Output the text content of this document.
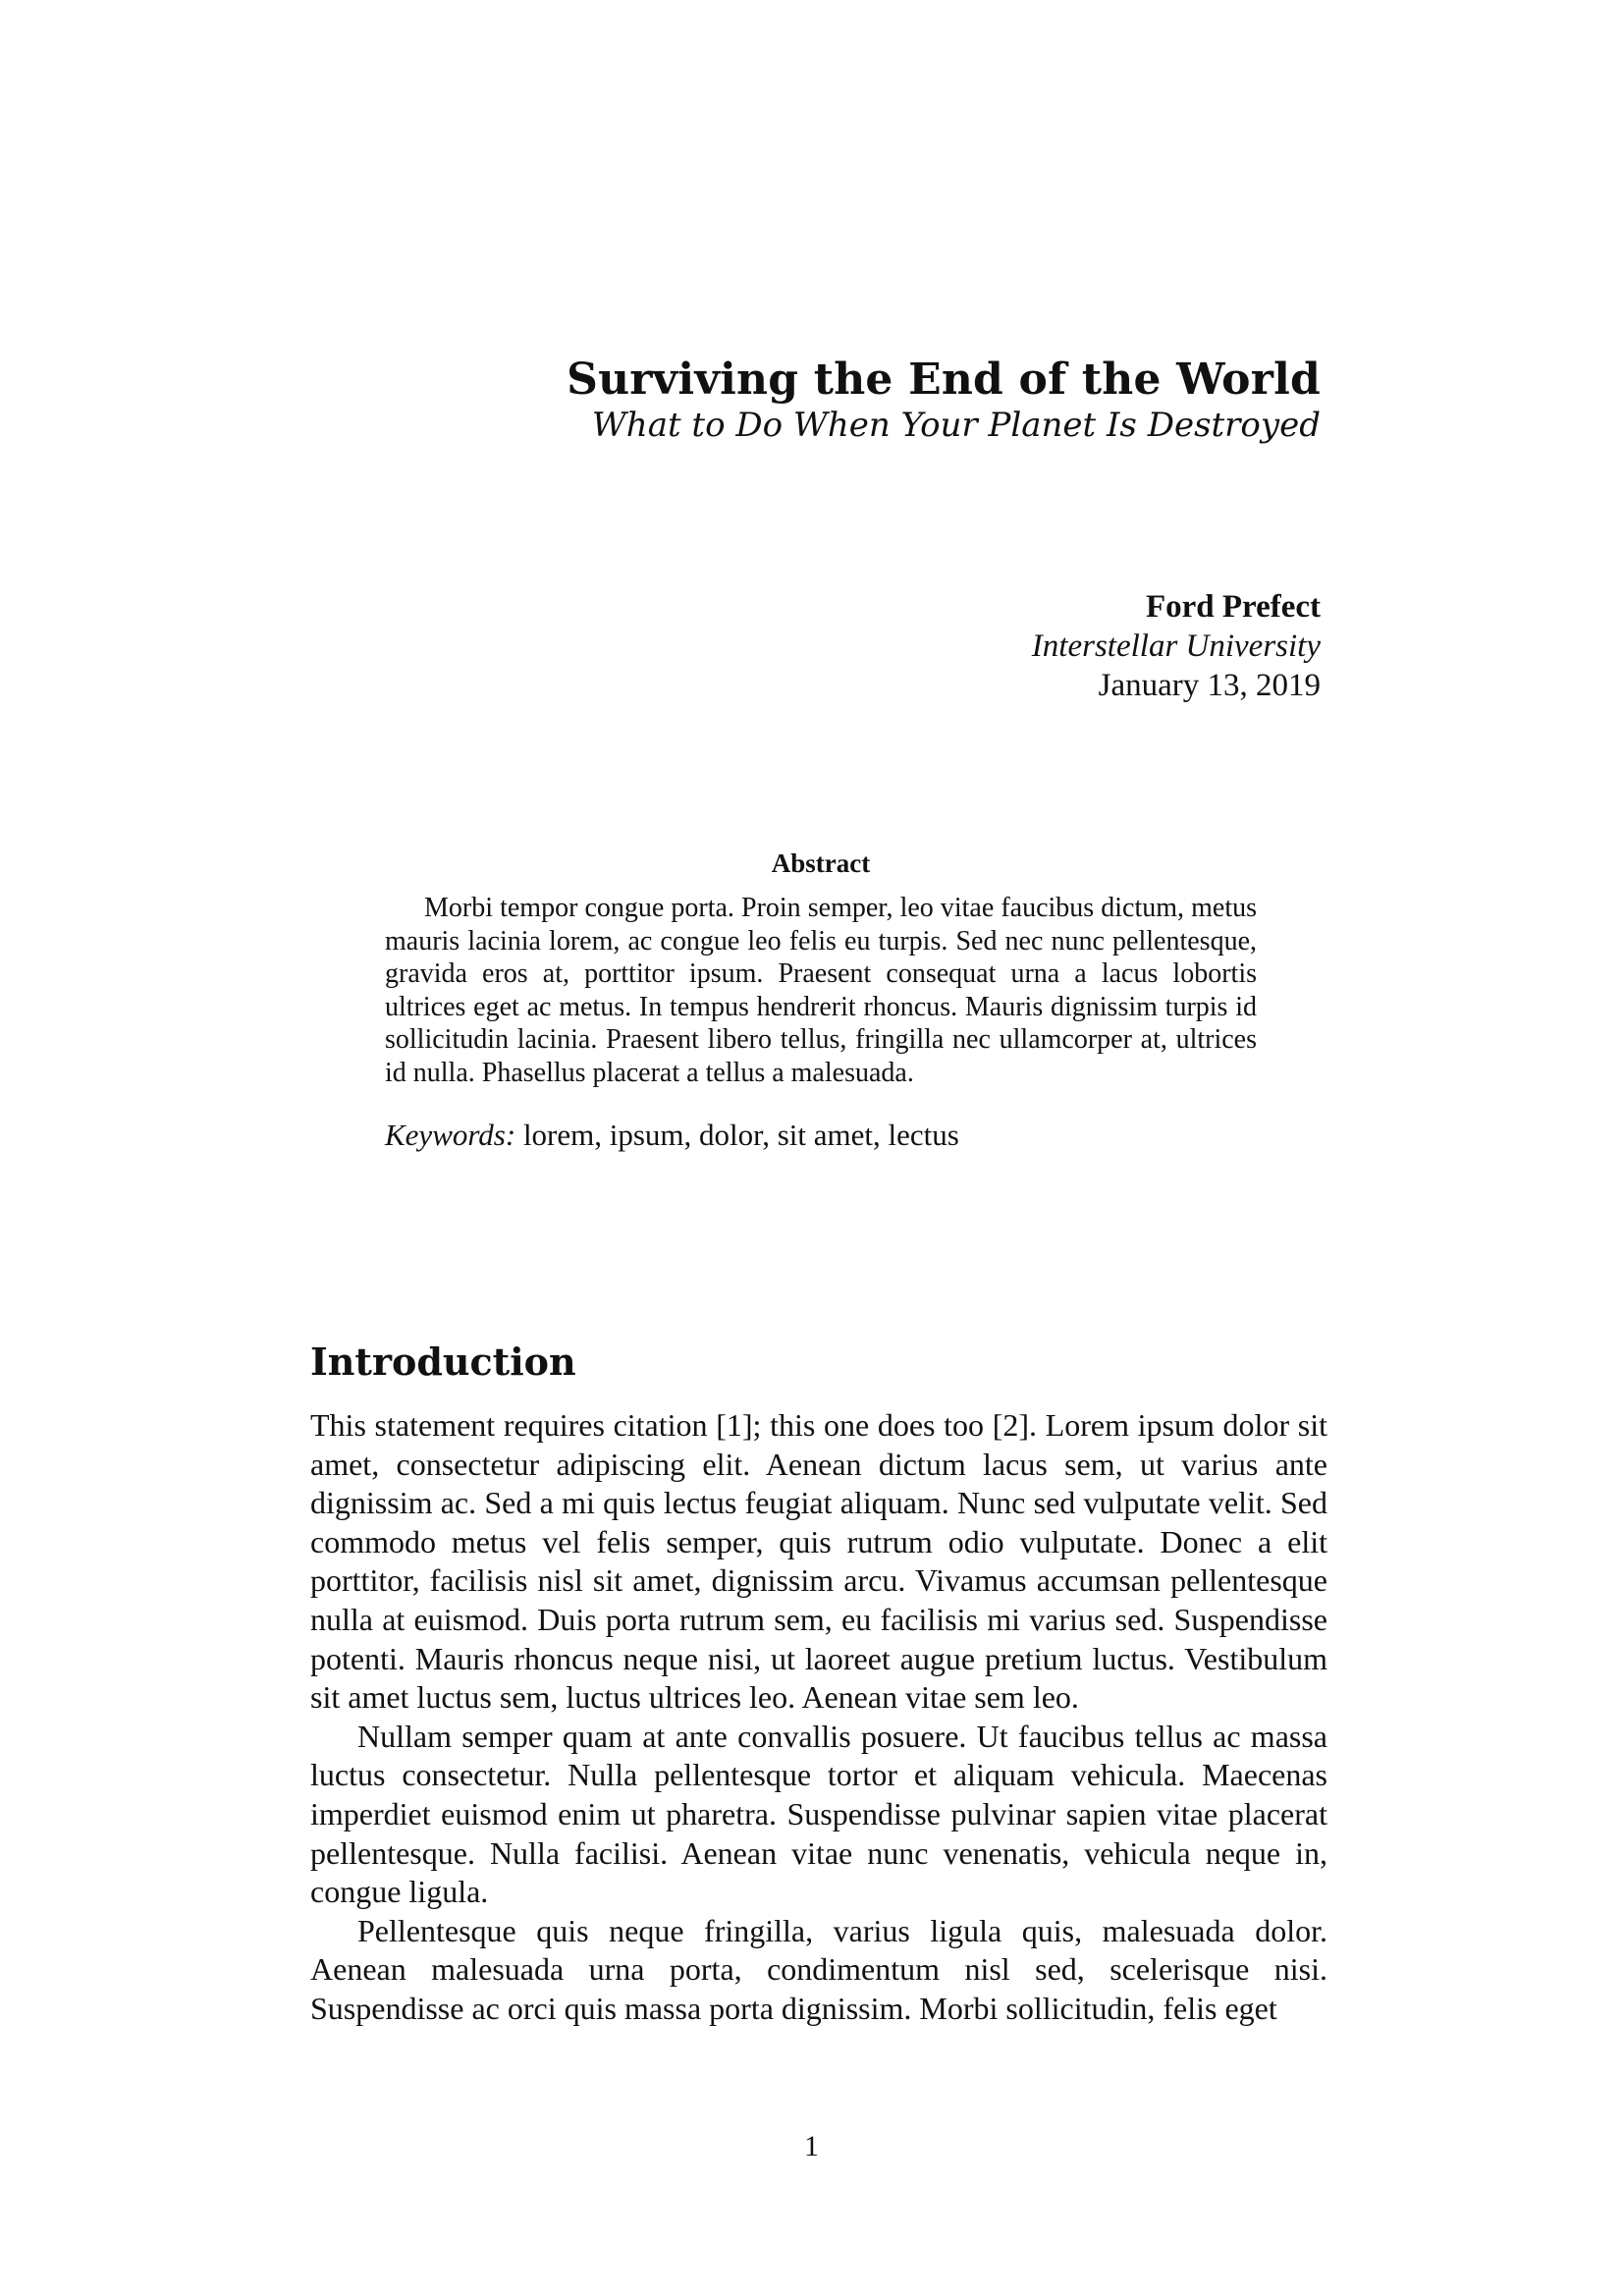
Surviving the End of the World

What to Do When Your Planet Is Destroyed

Ford Prefect
Interstellar University
January 13, 2019
Abstract

Morbi tempor congue porta. Proin semper, leo vitae faucibus dictum, metus mauris lacinia lorem, ac congue leo felis eu turpis. Sed nec nunc pellentesque, gravida eros at, porttitor ipsum. Praesent consequat urna a lacus lobortis ultrices eget ac metus. In tempus hendrerit rhoncus. Mauris dignissim turpis id sollicitudin lacinia. Praesent libero tellus, fringilla nec ullamcorper at, ultrices id nulla. Phasellus placerat a tellus a malesuada.

Keywords: lorem, ipsum, dolor, sit amet, lectus

Introduction

This statement requires citation [1]; this one does too [2]. Lorem ipsum dolor sit amet, consectetur adipiscing elit. Aenean dictum lacus sem, ut varius ante dignissim ac. Sed a mi quis lectus feugiat aliquam. Nunc sed vulputate velit. Sed commodo metus vel felis semper, quis rutrum odio vulputate. Donec a elit porttitor, facilisis nisl sit amet, dignissim arcu. Vivamus accumsan pellentesque nulla at euismod. Duis porta rutrum sem, eu facilisis mi varius sed. Suspendisse potenti. Mauris rhoncus neque nisi, ut laoreet augue pretium luctus. Vestibulum sit amet luctus sem, luctus ultrices leo. Aenean vitae sem leo.

Nullam semper quam at ante convallis posuere. Ut faucibus tellus ac massa luctus consectetur. Nulla pellentesque tortor et aliquam vehicula. Maecenas imperdiet euismod enim ut pharetra. Suspendisse pulvinar sapien vitae placerat pellentesque. Nulla facilisi. Aenean vitae nunc venenatis, vehicula neque in, congue ligula.

Pellentesque quis neque fringilla, varius ligula quis, malesuada dolor. Aenean malesuada urna porta, condimentum nisl sed, scelerisque nisi. Suspendisse ac orci quis massa porta dignissim. Morbi sollicitudin, felis eget

1
